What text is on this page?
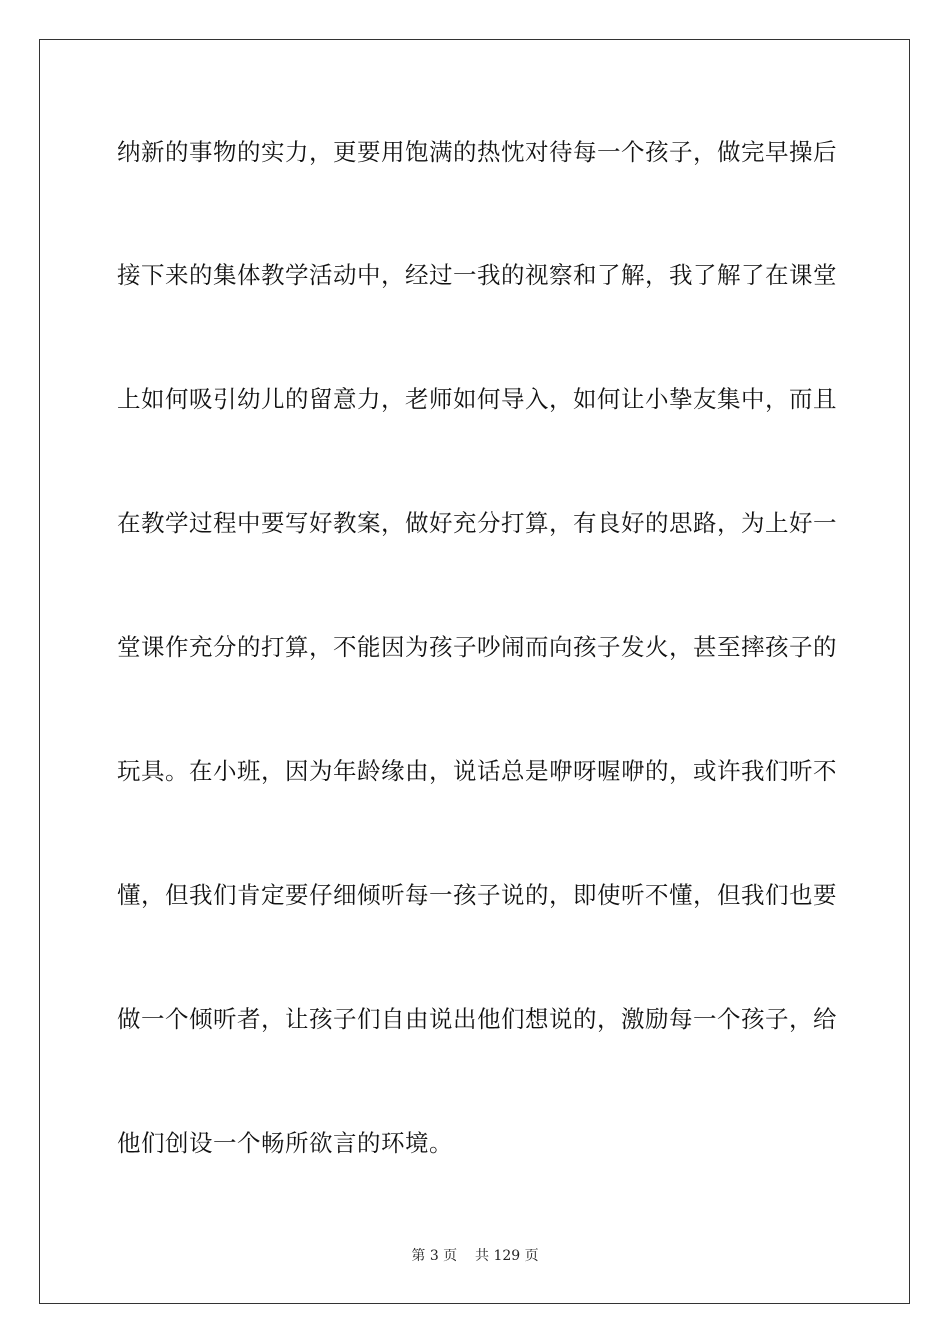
纳新的事物的实力，更要用饱满的热忱对待每一个孩子，做完早操后
接下来的集体教学活动中，经过一我的视察和了解，我了解了在课堂
上如何吸引幼儿的留意力，老师如何导入，如何让小挚友集中，而且
在教学过程中要写好教案，做好充分打算，有良好的思路，为上好一
堂课作充分的打算，不能因为孩子吵闹而向孩子发火，甚至摔孩子的
玩具。在小班，因为年龄缘由，说话总是咿呀喔咿的，或许我们听不
懂，但我们肯定要仔细倾听每一孩子说的，即使听不懂，但我们也要
做一个倾听者，让孩子们自由说出他们想说的，激励每一个孩子，给
他们创设一个畅所欲言的环境。
第 3 页 共 129 页
